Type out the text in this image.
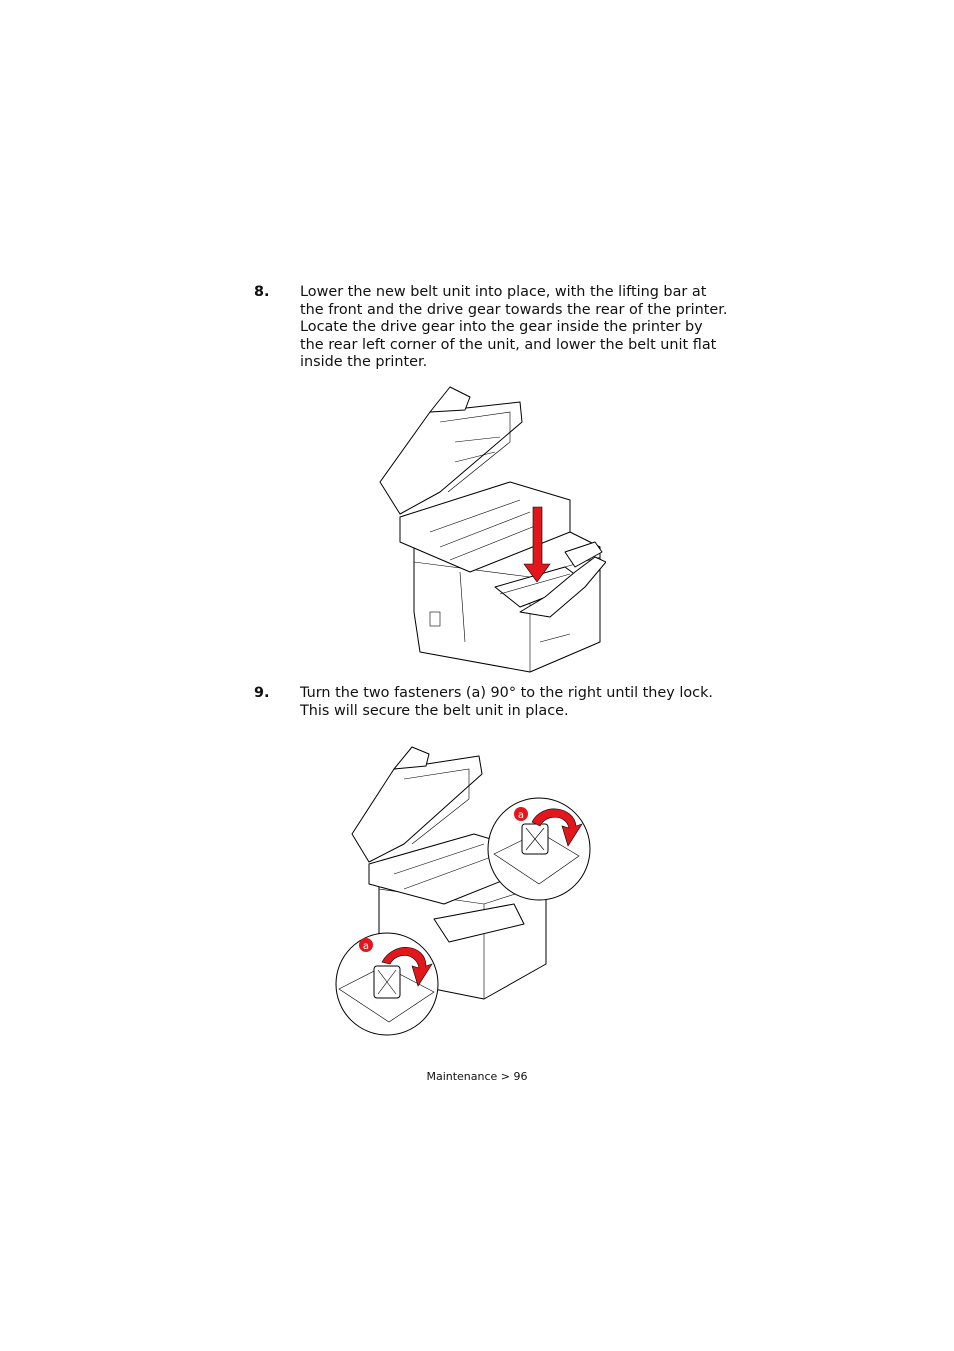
8. Lower the new belt unit into place, with the lifting bar at the front and the drive gear towards the rear of the printer. Locate the drive gear into the gear inside the printer by the rear left corner of the unit, and lower the belt unit flat inside the printer.
9. Turn the two fasteners (a) 90° to the right until they lock. This will secure the belt unit in place.
a
a
Maintenance > 96
